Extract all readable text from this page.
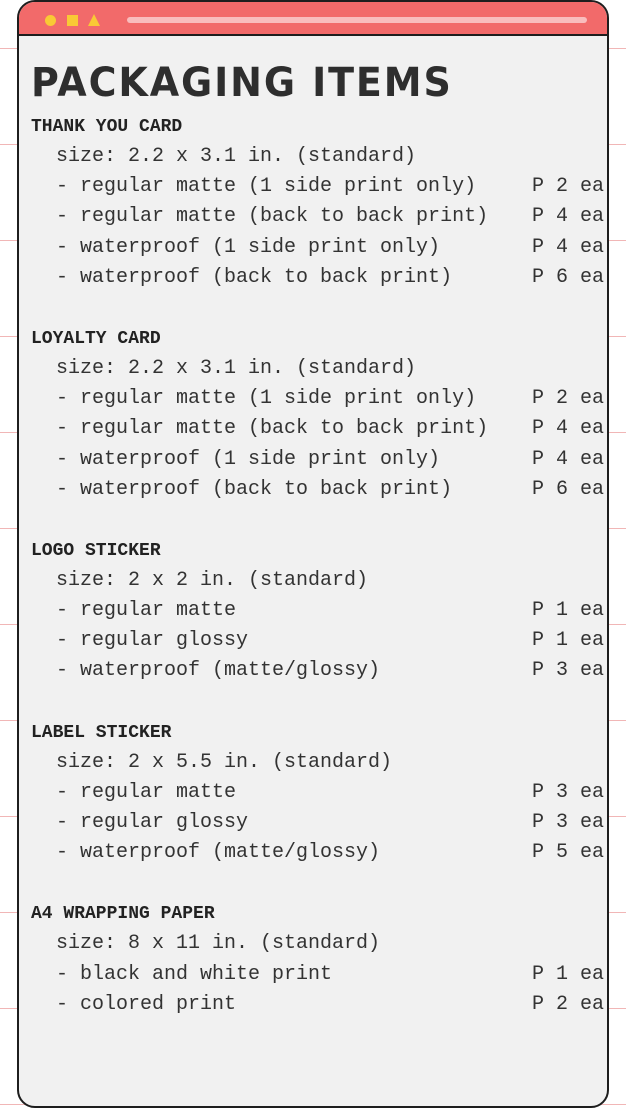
PACKAGING ITEMS
THANK YOU CARD
size: 2.2 x 3.1 in. (standard)
- regular matte (1 side print only)	P 2 ea
- regular matte (back to back print) P 4 ea
- waterproof (1 side print only)	P 4 ea
- waterproof (back to back print)	P 6 ea
LOYALTY CARD
size: 2.2 x 3.1 in. (standard)
- regular matte (1 side print only)	P 2 ea
- regular matte (back to back print) P 4 ea
- waterproof (1 side print only)	P 4 ea
- waterproof (back to back print)	P 6 ea
LOGO STICKER
size: 2 x 2 in. (standard)
- regular matte	P 1 ea
- regular glossy	P 1 ea
- waterproof (matte/glossy)	P 3 ea
LABEL STICKER
size: 2 x 5.5 in. (standard)
- regular matte	P 3 ea
- regular glossy	P 3 ea
- waterproof (matte/glossy)	P 5 ea
A4 WRAPPING PAPER
size: 8 x 11 in. (standard)
- black and white print	P 1 ea
- colored print	P 2 ea
